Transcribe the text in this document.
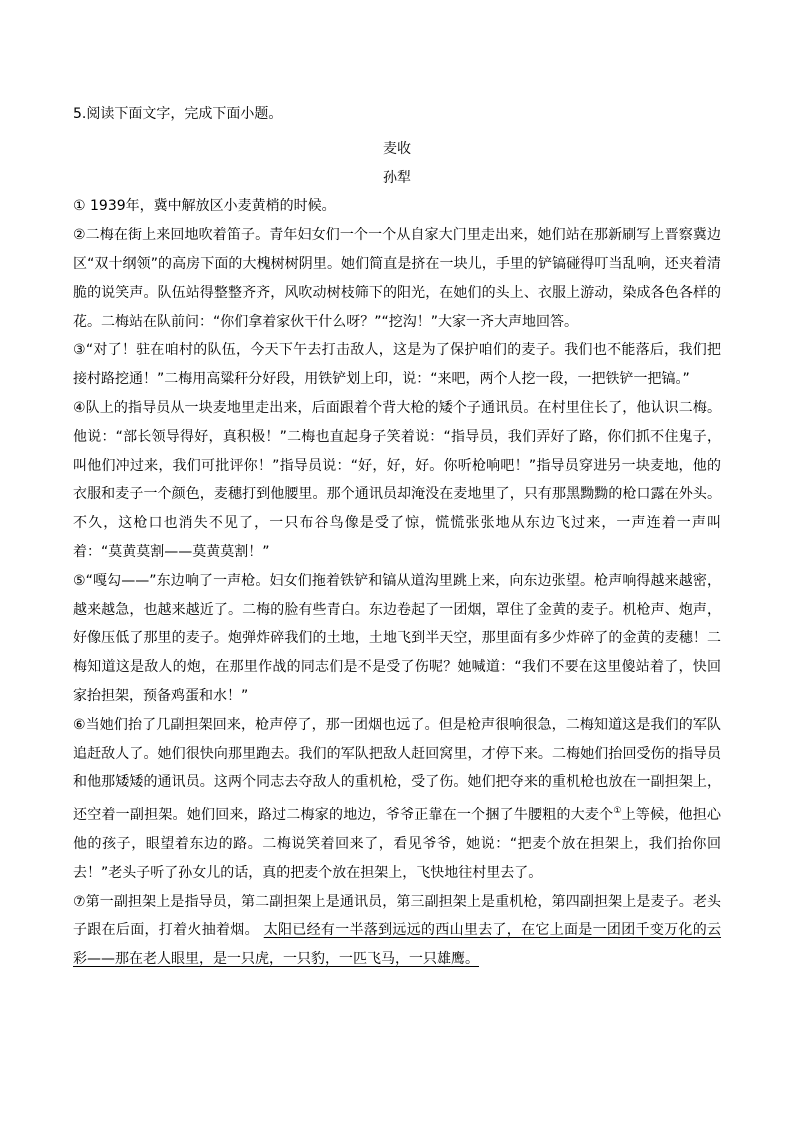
5.阅读下面文字，完成下面小题。

麦收

孙犁

① 1939年，冀中解放区小麦黄梢的时候。

②二梅在街上来回地吹着笛子。青年妇女们一个一个从自家大门里走出来，她们站在那新刷写上晋察冀边区“双十纲领”的高房下面的大槐树树阴里。她们简直是挤在一块儿，手里的铲镐碰得叮当乱响，还夹着清脆的说笑声。队伍站得整整齐齐，风吹动树枝筛下的阳光，在她们的头上、衣服上游动，染成各色各样的花。二梅站在队前问：“你们拿着家伙干什么呀？”“挖沟！”大家一齐大声地回答。

③“对了！驻在咱村的队伍，今天下午去打击敌人，这是为了保护咱们的麦子。我们也不能落后，我们把接村路挖通！”二梅用高粱秆分好段，用铁铲划上印，说：“来吧，两个人挖一段，一把铁铲一把镐。”

④队上的指导员从一块麦地里走出来，后面跟着个背大枪的矮个子通讯员。在村里住长了，他认识二梅。他说：“部长领导得好，真积极！”二梅也直起身子笑着说：“指导员，我们弄好了路，你们抓不住鬼子，叫他们冲过来，我们可批评你！”指导员说：“好，好，好。你听枪响吧！”指导员穿进另一块麦地，他的衣服和麦子一个颜色，麦穗打到他腰里。那个通讯员却淹没在麦地里了，只有那黑黝黝的枪口露在外头。不久，这枪口也消失不见了，一只布谷鸟像是受了惊，慌慌张张地从东边飞过来，一声连着一声叫着：“莫黄莫割——莫黄莫割！”

⑤“嘎勾——”东边响了一声枪。妇女们拖着铁铲和镐从道沟里跳上来，向东边张望。枪声响得越来越密，越来越急，也越来越近了。二梅的脸有些青白。东边卷起了一团烟，罩住了金黄的麦子。机枪声、炮声，好像压低了那里的麦子。炮弹炸碎我们的土地，土地飞到半天空，那里面有多少炸碎了的金黄的麦穗！二梅知道这是敌人的炮，在那里作战的同志们是不是受了伤呢？她喊道：“我们不要在这里傻站着了，快回家抬担架，预备鸡蛋和水！”

⑥当她们抬了几副担架回来，枪声停了，那一团烟也远了。但是枪声很响很急，二梅知道这是我们的军队追赶敌人了。她们很快向那里跑去。我们的军队把敌人赶回窝里，才停下来。二梅她们抬回受伤的指导员和他那矮矮的通讯员。这两个同志去夺敌人的重机枪，受了伤。她们把夺来的重机枪也放在一副担架上，还空着一副担架。她们回来，路过二梅家的地边，爷爷正靠在一个捆了牛腰粗的大麦个①上等候，他担心他的孩子，眼望着东边的路。二梅说笑着回来了，看见爷爷，她说：“把麦个放在担架上，我们抬你回去！”老头子听了孙女儿的话，真的把麦个放在担架上，飞快地往村里去了。

⑦第一副担架上是指导员，第二副担架上是通讯员，第三副担架上是重机枪，第四副担架上是麦子。老头子跟在后面，打着火抽着烟。 太阳已经有一半落到远远的西山里去了，在它上面是一团团千变万化的云彩——那在老人眼里，是一只虎，一只豹，一匹飞马，一只雄鹰。
